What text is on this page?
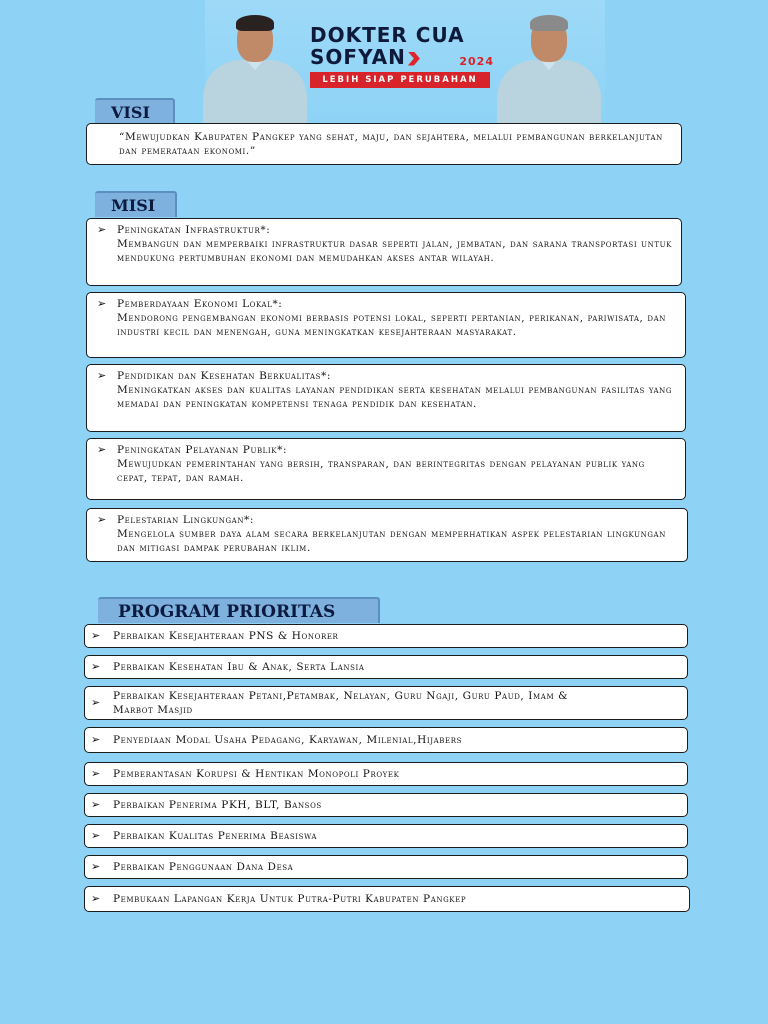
DOKTER CUA
SOFYAN	2024
LEBIH SIAP PERUBAHAN
VISI
“Mewujudkan Kabupaten Pangkep yang sehat, maju, dan sejahtera, melalui pembangunan berkelanjutan dan pemerataan ekonomi.”
MISI
➢ Peningkatan Infrastruktur*:
Membangun dan memperbaiki infrastruktur dasar seperti jalan, jembatan, dan sarana transportasi untuk mendukung pertumbuhan ekonomi dan memudahkan akses antar wilayah.
➢ Pemberdayaan Ekonomi Lokal*:
Mendorong pengembangan ekonomi berbasis potensi lokal, seperti pertanian, perikanan, pariwisata, dan industri kecil dan menengah, guna meningkatkan kesejahteraan masyarakat.
➢ Pendidikan dan Kesehatan Berkualitas*:
Meningkatkan akses dan kualitas layanan pendidikan serta kesehatan melalui pembangunan fasilitas yang memadai dan peningkatan kompetensi tenaga pendidik dan kesehatan.
➢ Peningkatan Pelayanan Publik*:
Mewujudkan pemerintahan yang bersih, transparan, dan berintegritas dengan pelayanan publik yang cepat, tepat, dan ramah.
➢ Pelestarian Lingkungan*:
Mengelola sumber daya alam secara berkelanjutan dengan memperhatikan aspek pelestarian lingkungan dan mitigasi dampak perubahan iklim.
PROGRAM PRIORITAS
➢	Perbaikan Kesejahteraan PNS & Honorer
➢	Perbaikan Kesehatan Ibu & Anak, Serta Lansia
➢	Perbaikan Kesejahteraan Petani,Petambak, Nelayan, Guru Ngaji, Guru Paud, Imam & Marbot Masjid
➢	Penyediaan Modal Usaha Pedagang, Karyawan, Milenial,Hijabers
➢	Pemberantasan Korupsi & Hentikan Monopoli Proyek
➢	Perbaikan Penerima PKH, BLT, Bansos
➢	Perbaikan Kualitas Penerima Beasiswa
➢	Perbaikan Penggunaan Dana Desa
➢	Pembukaan Lapangan Kerja Untuk Putra-Putri Kabupaten Pangkep
